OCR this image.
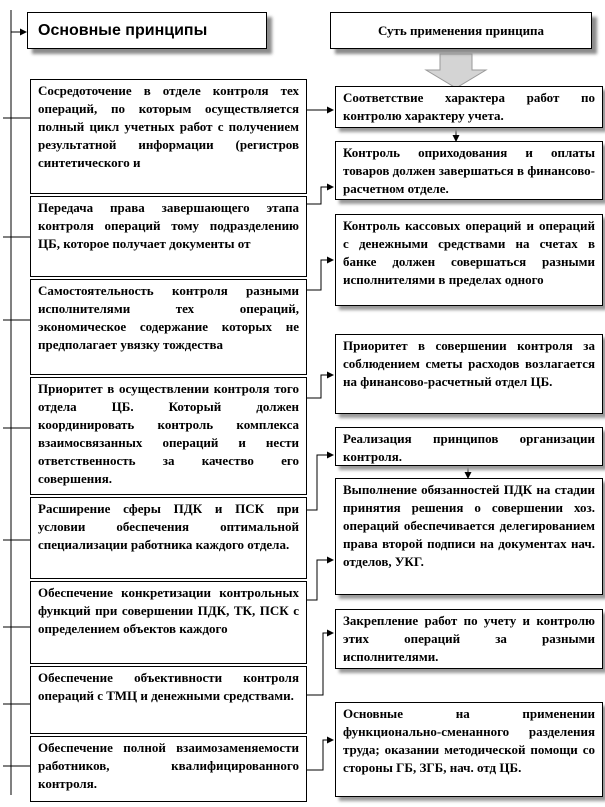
Основные принципы	Суть применения принципа
Сосредоточение в отделе контроля тех операций, по которым осуществляется полный цикл учетных работ с получением результатной информации (регистров синтетического и
Передача права завершающего этапа контроля операций тому подразделению ЦБ, которое получает документы от
Самостоятельность контроля разными исполнителями тех операций, экономическое содержание которых не предполагает увязку тождества
Приоритет в осуществлении контроля того отдела ЦБ. Который должен координировать контроль комплекса взаимосвязанных операций и нести ответственность за качество его совершения.
Расширение сферы ПДК и ПСК при условии обеспечения оптимальной специализации работника каждого отдела.
Обеспечение конкретизации контрольных функций при совершении ПДК, ТК, ПСК с определением объектов каждого
Обеспечение объективности контроля операций с ТМЦ и денежными средствами.
Обеспечение полной взаимозаменяемости работников, квалифицированного контроля.
Соответствие характера работ по контролю характеру учета.
Контроль оприходования и оплаты товаров должен завершаться в финансово-расчетном отделе.
Контроль кассовых операций и операций с денежными средствами на счетах в банке должен совершаться разными исполнителями в пределах одного
Приоритет в совершении контроля за соблюдением сметы расходов возлагается на финансово-расчетный отдел ЦБ.
Реализация принципов организации контроля.
Выполнение обязанностей ПДК на стадии принятия решения о совершении хоз. операций обеспечивается делегированием права второй подписи на документах нач. отделов, УКГ.
Закрепление работ по учету и контролю этих операций за разными исполнителями.
Основные на применении функционально-сменанного разделения труда; оказании методической помощи со стороны ГБ, ЗГБ, нач. отд ЦБ.
